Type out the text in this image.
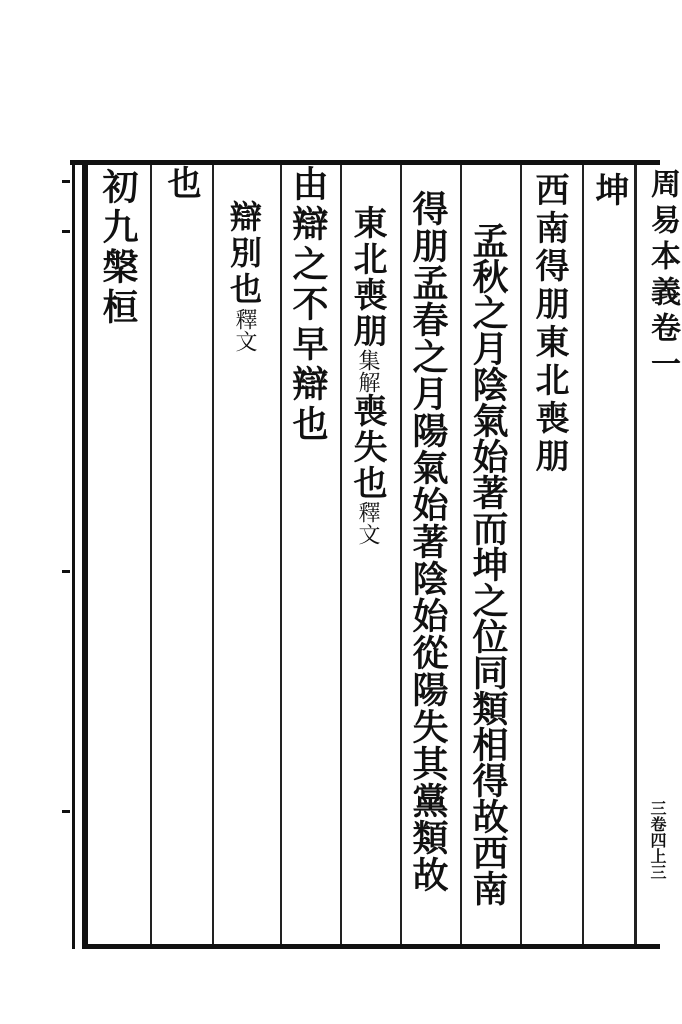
周易本義卷一
三卷四上三
坤
西南得朋東北喪朋
孟秋之月陰氣始著而坤之位同類相得故西南
得朋孟春之月陽氣始著陰始從陽失其黨類故
東北喪朋集解喪失也釋文
由辯之不早辯也
辯別也釋文
也
初九槃桓
